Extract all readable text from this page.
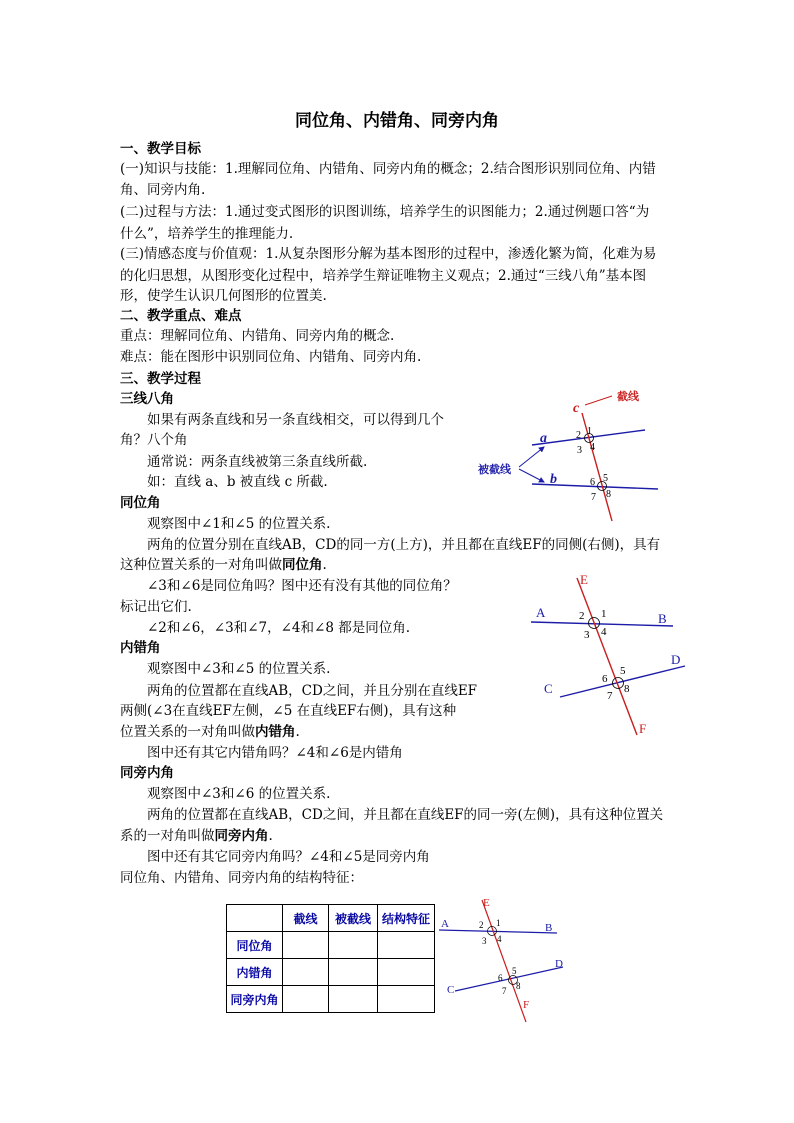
同位角、内错角、同旁内角
一、教学目标
(一)知识与技能：1.理解同位角、内错角、同旁内角的概念；2.结合图形识别同位角、内错
角、同旁内角.
(二)过程与方法：1.通过变式图形的识图训练，培养学生的识图能力；2.通过例题口答“为
什么”，培养学生的推理能力.
(三)情感态度与价值观：1.从复杂图形分解为基本图形的过程中，渗透化繁为简，化难为易
的化归思想，从图形变化过程中，培养学生辩证唯物主义观点；2.通过“三线八角”基本图
形，使学生认识几何图形的位置美.
二、教学重点、难点
重点：理解同位角、内错角、同旁内角的概念.
难点：能在图形中识别同位角、内错角、同旁内角.
三、教学过程
三线八角
如果有两条直线和另一条直线相交，可以得到几个
角？八个角
通常说：两条直线被第三条直线所截.
如：直线 a、b 被直线 c 所截.
同位角
观察图中∠1和∠5 的位置关系.
两角的位置分别在直线AB，CD的同一方(上方)，并且都在直线EF的同侧(右侧)，具有
这种位置关系的一对角叫做同位角.
∠3和∠6是同位角吗？图中还有没有其他的同位角？
标记出它们.
∠2和∠6，∠3和∠7，∠4和∠8 都是同位角.
内错角
观察图中∠3和∠5 的位置关系.
两角的位置都在直线AB，CD之间，并且分别在直线EF
两侧(∠3在直线EF左侧，∠5 在直线EF右侧)，具有这种
位置关系的一对角叫做内错角.
图中还有其它内错角吗？∠4和∠6是内错角
同旁内角
观察图中∠3和∠6 的位置关系.
两角的位置都在直线AB，CD之间，并且都在直线EF的同一旁(左侧)，具有这种位置关
系的一对角叫做同旁内角.
图中还有其它同旁内角吗？∠4和∠5是同旁内角
同位角、内错角、同旁内角的结构特征：
截线
被截线
c
a
b
1
2
3 4
5
6
7 8
A	B
C
D
E
F
1
2
3 4
5
6
7
8
	截线	被截线	结构特征
同位角			
内错角			
同旁内角			
A	B
C
D
E
F
1
2
3 4
5
6
7 8
